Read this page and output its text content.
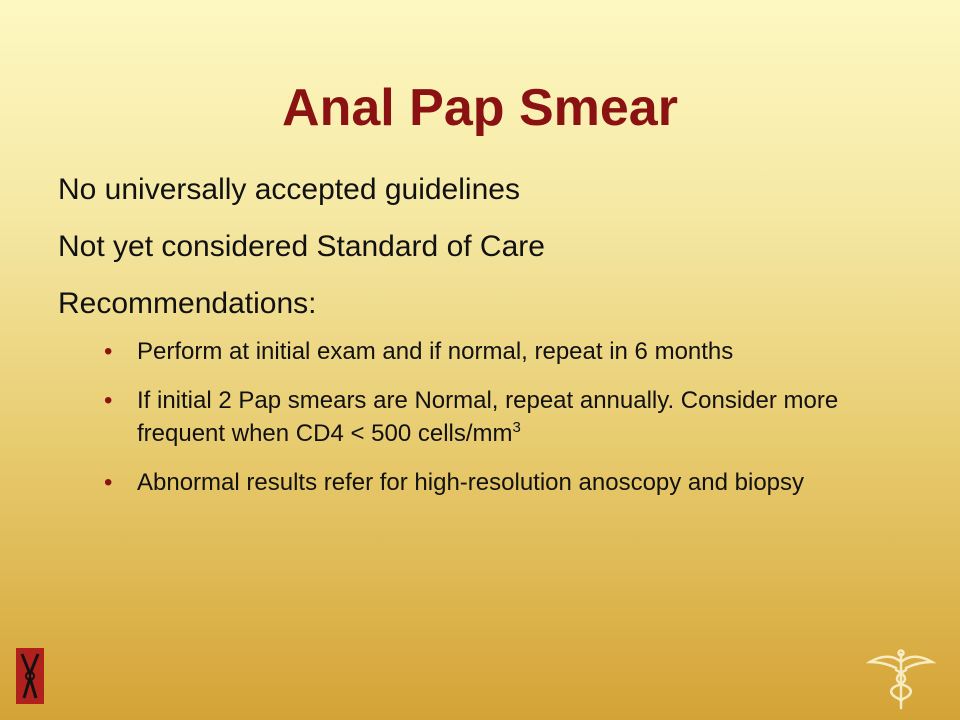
Anal Pap Smear
No universally accepted guidelines
Not yet considered Standard of Care
Recommendations:
• Perform at initial exam and if normal, repeat in 6 months
• If initial 2 Pap smears are Normal, repeat annually. Consider more frequent when CD4 < 500 cells/$mm^3$
• Abnormal results refer for high-resolution anoscopy and biopsy
